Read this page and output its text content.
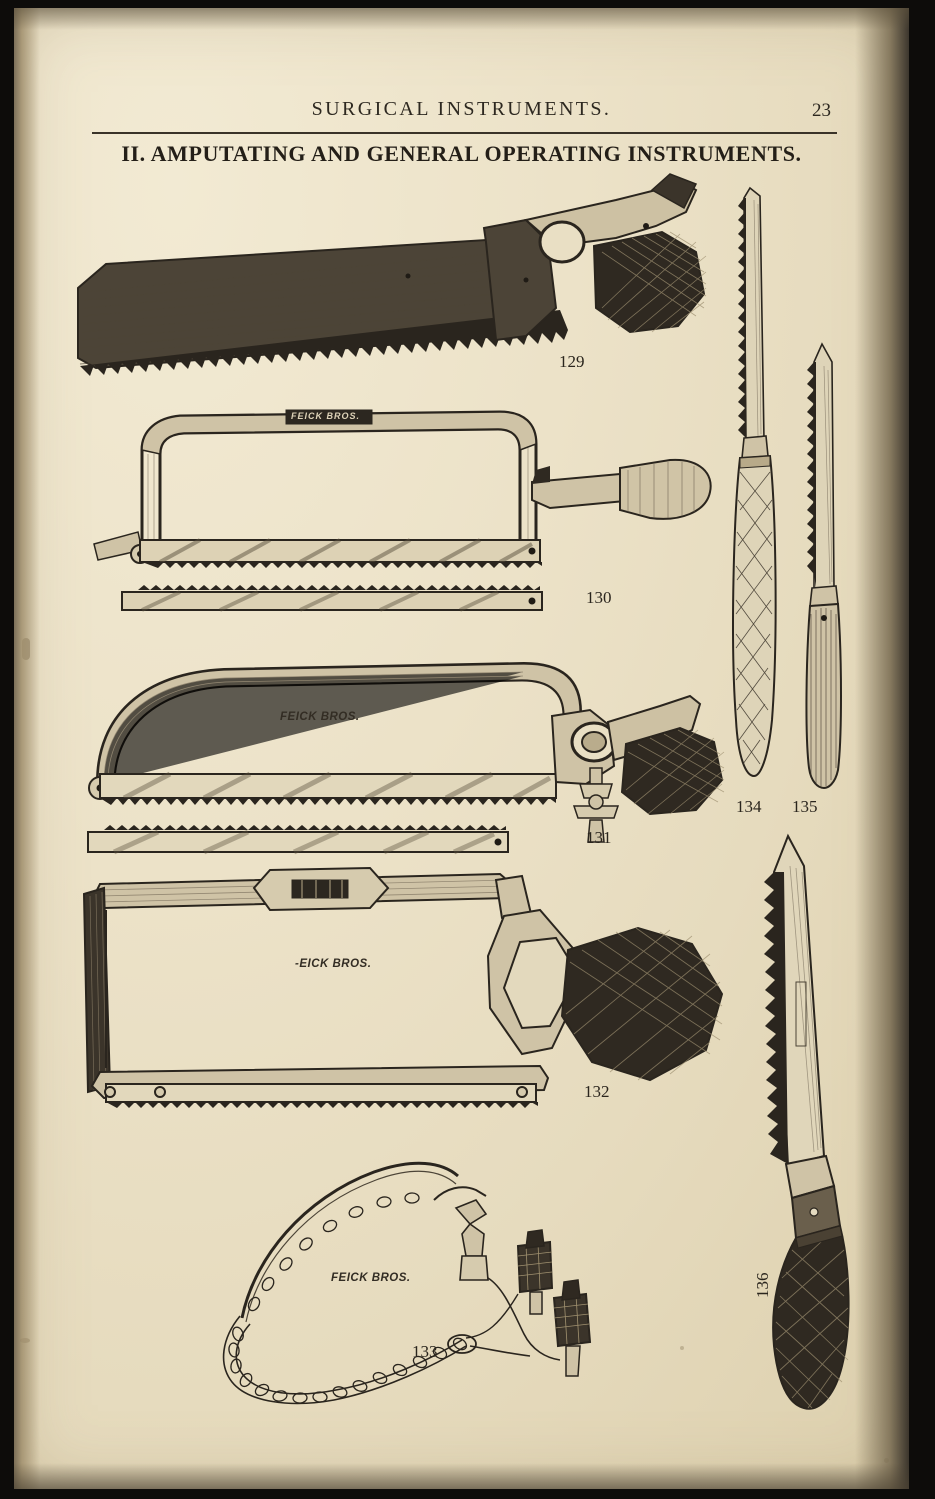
SURGICAL INSTRUMENTS.	23
II. AMPUTATING AND GENERAL OPERATING INSTRUMENTS.
129
FEICK BROS.
130
FEICK BROS.
131
-EICK BROS.
132
FEICK BROS.
133
134 135
136
